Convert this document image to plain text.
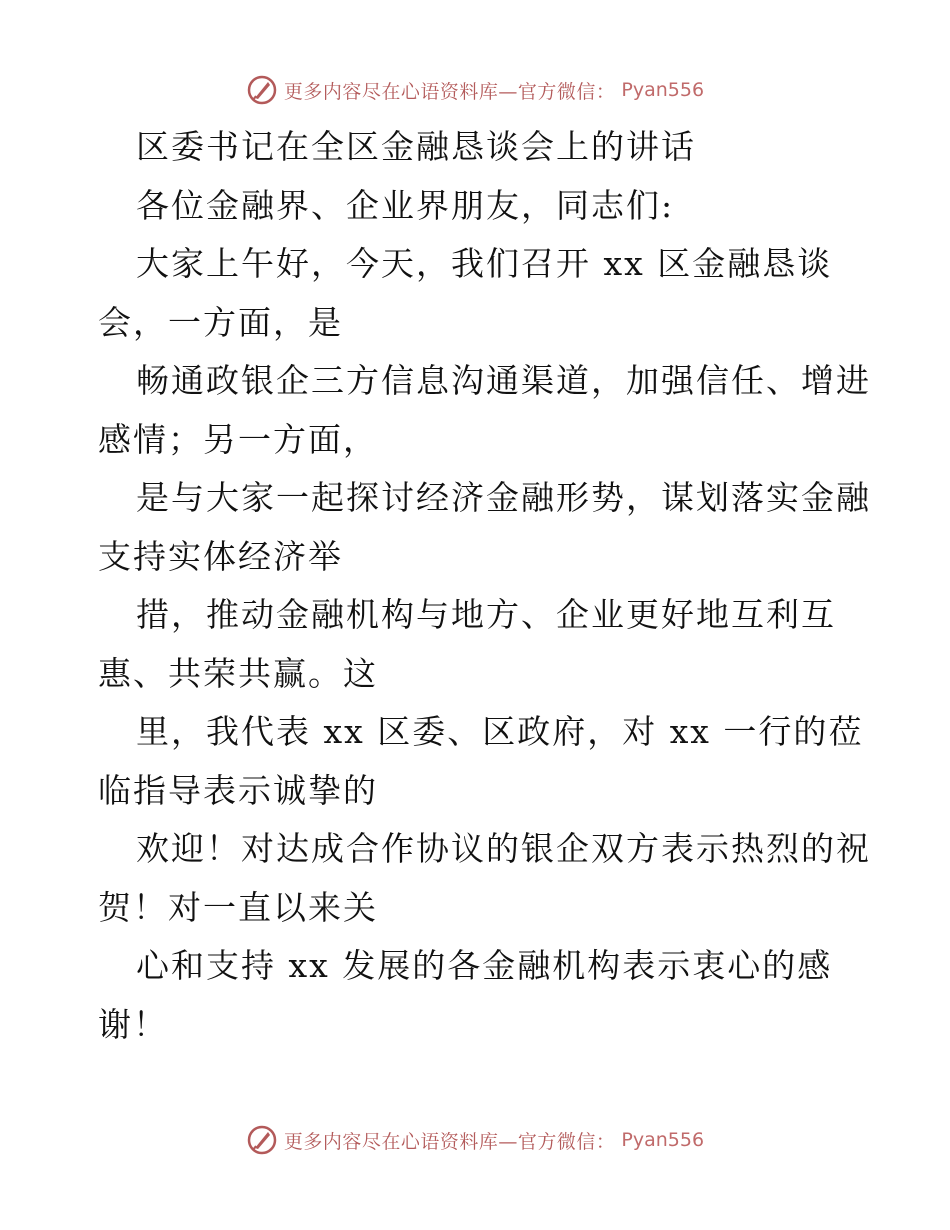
更多内容尽在心语资料库—官方微信： Pyan556
区委书记在全区金融恳谈会上的讲话
各位金融界、企业界朋友，同志们:
大家上午好，今天，我们召开 xx 区金融恳谈
会，一方面，是
畅通政银企三方信息沟通渠道，加强信任、增进
感情；另一方面，
是与大家一起探讨经济金融形势，谋划落实金融
支持实体经济举
措，推动金融机构与地方、企业更好地互利互
惠、共荣共赢。这
里，我代表 xx 区委、区政府，对 xx 一行的莅
临指导表示诚挚的
欢迎！对达成合作协议的银企双方表示热烈的祝
贺！对一直以来关
心和支持 xx 发展的各金融机构表示衷心的感
谢！
更多内容尽在心语资料库—官方微信： Pyan556
